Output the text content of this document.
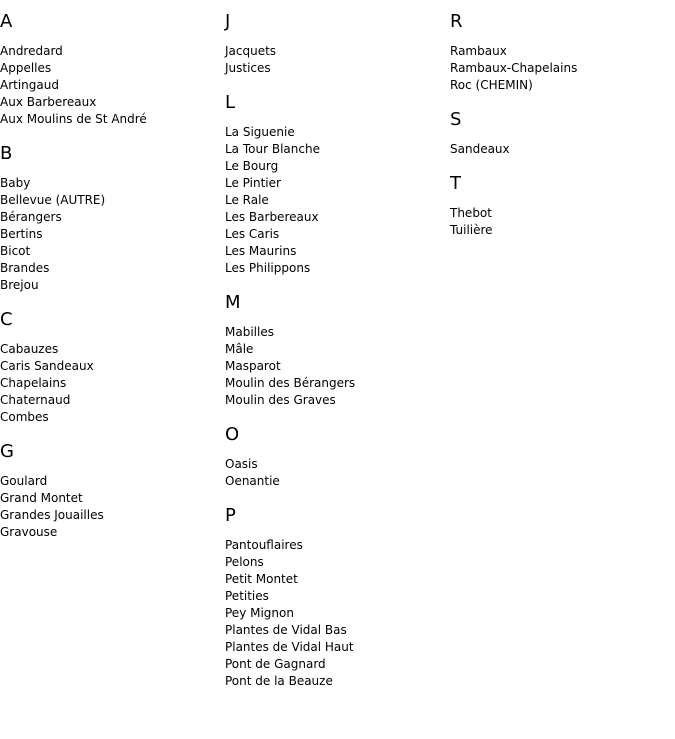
A
Andredard
Appelles
Artingaud
Aux Barbereaux
Aux Moulins de St André
B
Baby
Bellevue (AUTRE)
Bérangers
Bertins
Bicot
Brandes
Brejou
C
Cabauzes
Caris Sandeaux
Chapelains
Chaternaud
Combes
G
Goulard
Grand Montet
Grandes Jouailles
Gravouse
J
Jacquets
Justices
L
La Siguenie
La Tour Blanche
Le Bourg
Le Pintier
Le Rale
Les Barbereaux
Les Caris
Les Maurins
Les Philippons
M
Mabilles
Mâle
Masparot
Moulin des Bérangers
Moulin des Graves
O
Oasis
Oenantie
P
Pantouflaires
Pelons
Petit Montet
Petities
Pey Mignon
Plantes de Vidal Bas
Plantes de Vidal Haut
Pont de Gagnard
Pont de la Beauze
R
Rambaux
Rambaux-Chapelains
Roc (CHEMIN)
S
Sandeaux
T
Thebot
Tuilière
